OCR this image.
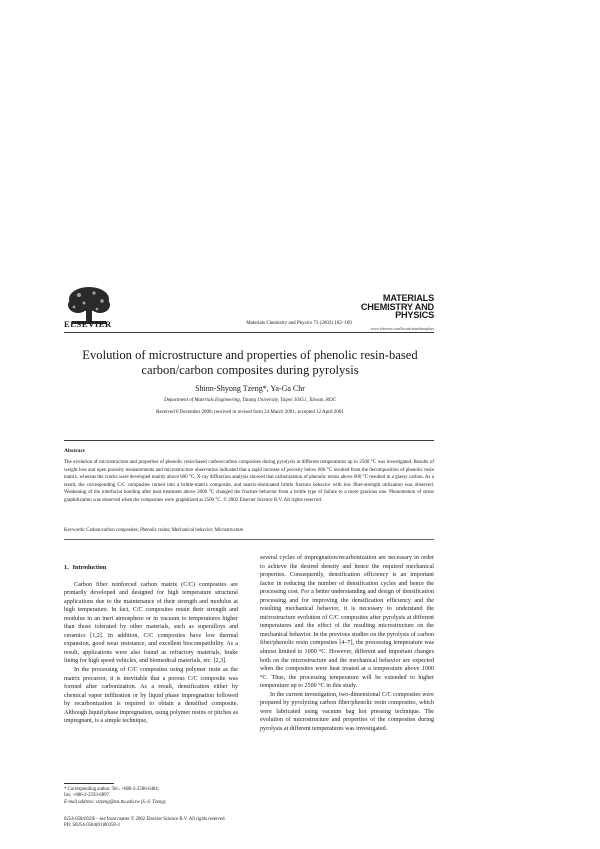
ELSEVIER	Materials Chemistry and Physics 73 (2002) 162–169
MATERIALS
CHEMISTRY AND
PHYSICS
www.elsevier.com/locate/matchemphys
Evolution of microstructure and properties of phenolic resin-based
carbon/carbon composites during pyrolysis
Shinn-Shyong Tzeng*, Ya-Ga Chr
Department of Materials Engineering, Tatung University, Taipei 10451, Taiwan, ROC
Received 6 December 2000; received in revised form 24 March 2001; accepted 12 April 2001
Abstract
The evolution of microstructure and properties of phenolic resin-based carbon/carbon composites during pyrolysis at different temperatures up to 2500 °C was investigated. Results of weight loss and open porosity measurements and microstructure observation indicated that a rapid increase of porosity below 600 °C resulted from the decomposition of phenolic resin matrix, whereas the cracks were developed mainly above 600 °C. X-ray diffraction analysis showed that carbonization of phenolic resins above 600 °C resulted in a glassy carbon. As a result, the corresponding C/C composites turned into a brittle-matrix composite, and matrix-dominated brittle fracture behavior with low fiber-strength utilization was observed. Weakening of the interfacial bonding after heat treatment above 2000 °C changed the fracture behavior from a brittle type of failure to a more gracious one. Phenomenon of stress graphitization was observed when the composites were graphitized at 2500 °C. © 2002 Elsevier Science B.V. All rights reserved.
Keywords: Carbon/carbon composites; Phenolic resins; Mechanical behavior; Microstructure
1. Introduction

Carbon fiber reinforced carbon matrix (C/C) composites are primarily developed and designed for high temperature structural applications due to the maintenance of their strength and modulus at high temperature. In fact, C/C composites retain their strength and modulus in an inert atmosphere or in vacuum to temperatures higher than those tolerated by other materials, such as superalloys and ceramics [1,2]. In addition, C/C composites have low thermal expansion, good wear resistance, and excellent biocompatibility. As a result, applications were also found as refractory materials, brake lining for high speed vehicles, and biomedical materials, etc. [2,3].

In the processing of C/C composites using polymer resin as the matrix precursor, it is inevitable that a porous C/C composite was formed after carbonization. As a result, densification either by chemical vapor infiltration or by liquid phase impregnation followed by recarbonization is required to obtain a densified composite. Although liquid phase impregnation, using polymer resins or pitches as impregnant, is a simple technique,

several cycles of impregnation/recarbonization are necessary in order to achieve the desired density and hence the required mechanical properties. Consequently, densification efficiency is an important factor in reducing the number of densification cycles and hence the processing cost. For a better understanding and design of densification processing and for improving the densification efficiency and the resulting mechanical behavior, it is necessary to understand the microstructure evolution of C/C composites after pyrolysis at different temperatures and the effect of the resulting microstructure on the mechanical behavior. In the previous studies on the pyrolysis of carbon fiber/phenolic resin composites [4–7], the processing temperature was almost limited to 1000 °C. However, different and important changes both on the microstructure and the mechanical behavior are expected when the composites were heat treated at a temperature above 1000 °C. Thus, the processing temperature will be extended to higher temperature up to 2500 °C in this study.

In the current investigation, two-dimensional C/C composites were prepared by pyrolyzing carbon fiber/phenolic resin composites, which were fabricated using vacuum bag hot pressing technique. The evolution of microstructure and properties of the composites during pyrolysis at different temperatures was investigated.

* Corresponding author. Tel.: +886-2-2586-6484;
fax: +886-2-2593-6897.
E-mail address: sstzeng@ms.ttu.edu.tw (S.-S. Tzeng).
0254-0584/02/$ – see front matter © 2002 Elsevier Science B.V. All rights reserved.
PII: S0254-0584(01)00358-3
